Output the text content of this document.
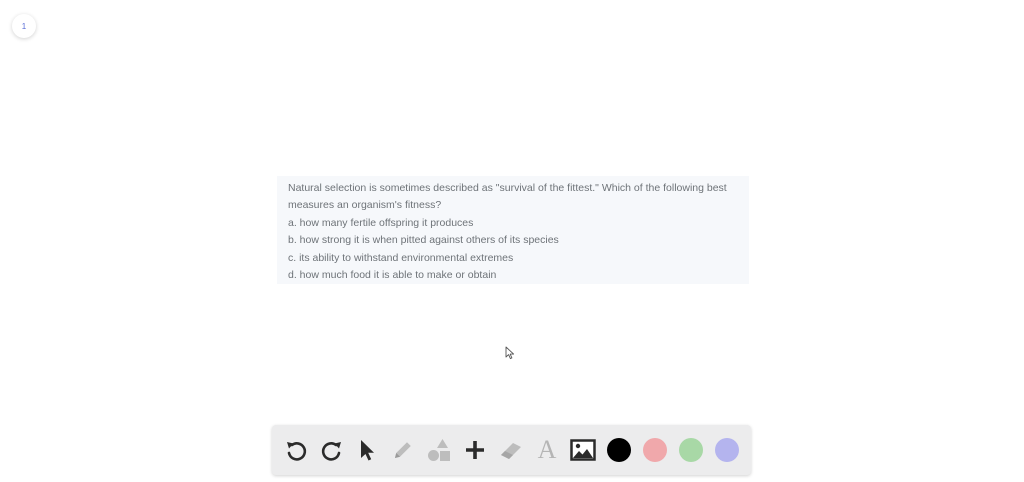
1
Natural selection is sometimes described as "survival of the fittest." Which of the following best
measures an organism's fitness?
a. how many fertile offspring it produces
b. how strong it is when pitted against others of its species
c. its ability to withstand environmental extremes
d. how much food it is able to make or obtain
A
